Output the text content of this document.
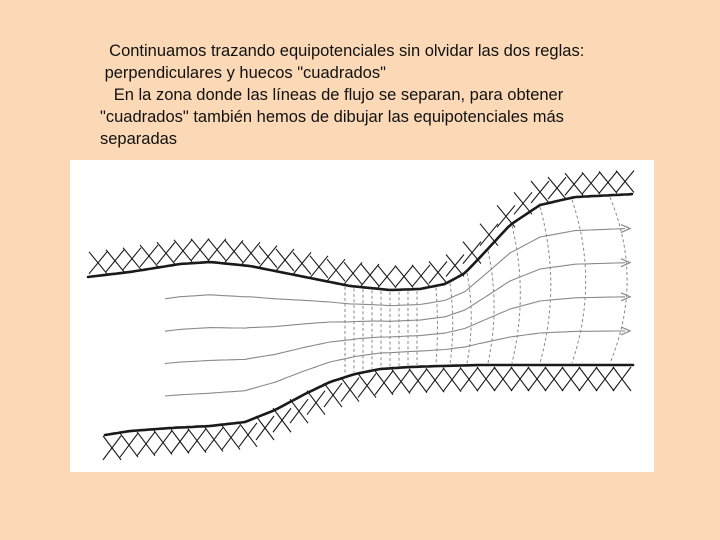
Continuamos trazando equipotenciales sin olvidar las dos reglas:

perpendiculares y huecos "cuadrados"

En la zona donde las líneas de flujo se separan, para obtener

"cuadrados" también hemos de dibujar las equipotenciales más

separadas
